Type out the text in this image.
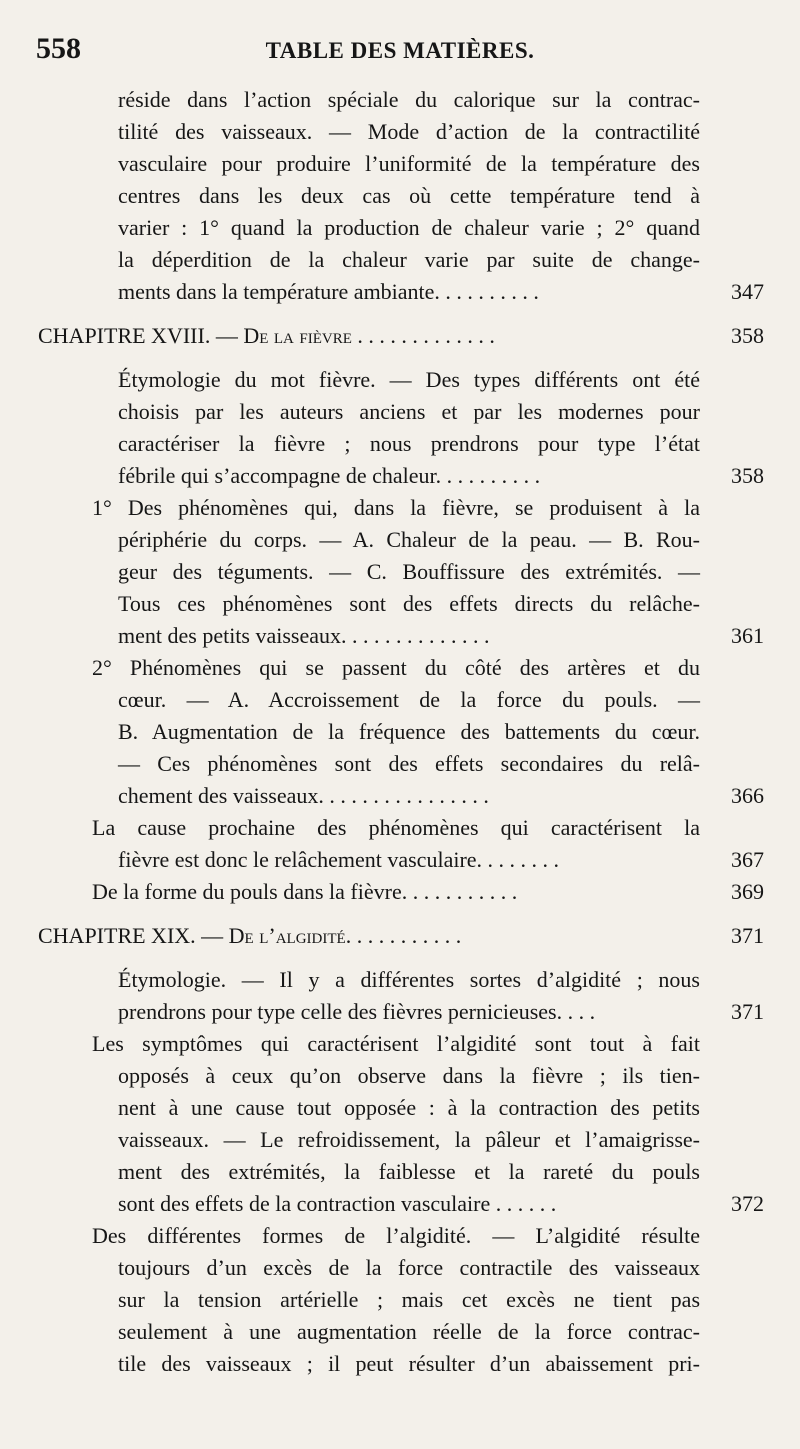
558	TABLE DES MATIÈRES.
réside dans l’action spéciale du calorique sur la contrac-
tilité des vaisseaux. — Mode d’action de la contractilité
vasculaire pour produire l’uniformité de la température des
centres dans les deux cas où cette température tend à
varier : 1° quand la production de chaleur varie ; 2° quand
la déperdition de la chaleur varie par suite de change-
ments dans la température ambiante. . . . . . . . . .	347
CHAPITRE XVIII. — De la fièvre . . . . . . . . . . . . .	358
Étymologie du mot fièvre. — Des types différents ont été
choisis par les auteurs anciens et par les modernes pour
caractériser la fièvre ; nous prendrons pour type l’état
fébrile qui s’accompagne de chaleur. . . . . . . . . .	358
1° Des phénomènes qui, dans la fièvre, se produisent à la
périphérie du corps. — A. Chaleur de la peau. — B. Rou-
geur des téguments. — C. Bouffissure des extrémités. —
Tous ces phénomènes sont des effets directs du relâche-
ment des petits vaisseaux. . . . . . . . . . . . . .	361
2° Phénomènes qui se passent du côté des artères et du
cœur. — A. Accroissement de la force du pouls. —
B. Augmentation de la fréquence des battements du cœur.
— Ces phénomènes sont des effets secondaires du relâ-
chement des vaisseaux. . . . . . . . . . . . . . . .	366
La cause prochaine des phénomènes qui caractérisent la
fièvre est donc le relâchement vasculaire. . . . . . . .	367
De la forme du pouls dans la fièvre. . . . . . . . . . .	369
CHAPITRE XIX. — De l’algidité. . . . . . . . . . .	371
Étymologie. — Il y a différentes sortes d’algidité ; nous
prendrons pour type celle des fièvres pernicieuses. . . .	371
Les symptômes qui caractérisent l’algidité sont tout à fait
opposés à ceux qu’on observe dans la fièvre ; ils tien-
nent à une cause tout opposée : à la contraction des petits
vaisseaux. — Le refroidissement, la pâleur et l’amaigrisse-
ment des extrémités, la faiblesse et la rareté du pouls
sont des effets de la contraction vasculaire . . . . . .	372
Des différentes formes de l’algidité. — L’algidité résulte
toujours d’un excès de la force contractile des vaisseaux
sur la tension artérielle ; mais cet excès ne tient pas
seulement à une augmentation réelle de la force contrac-
tile des vaisseaux ; il peut résulter d’un abaissement pri-
